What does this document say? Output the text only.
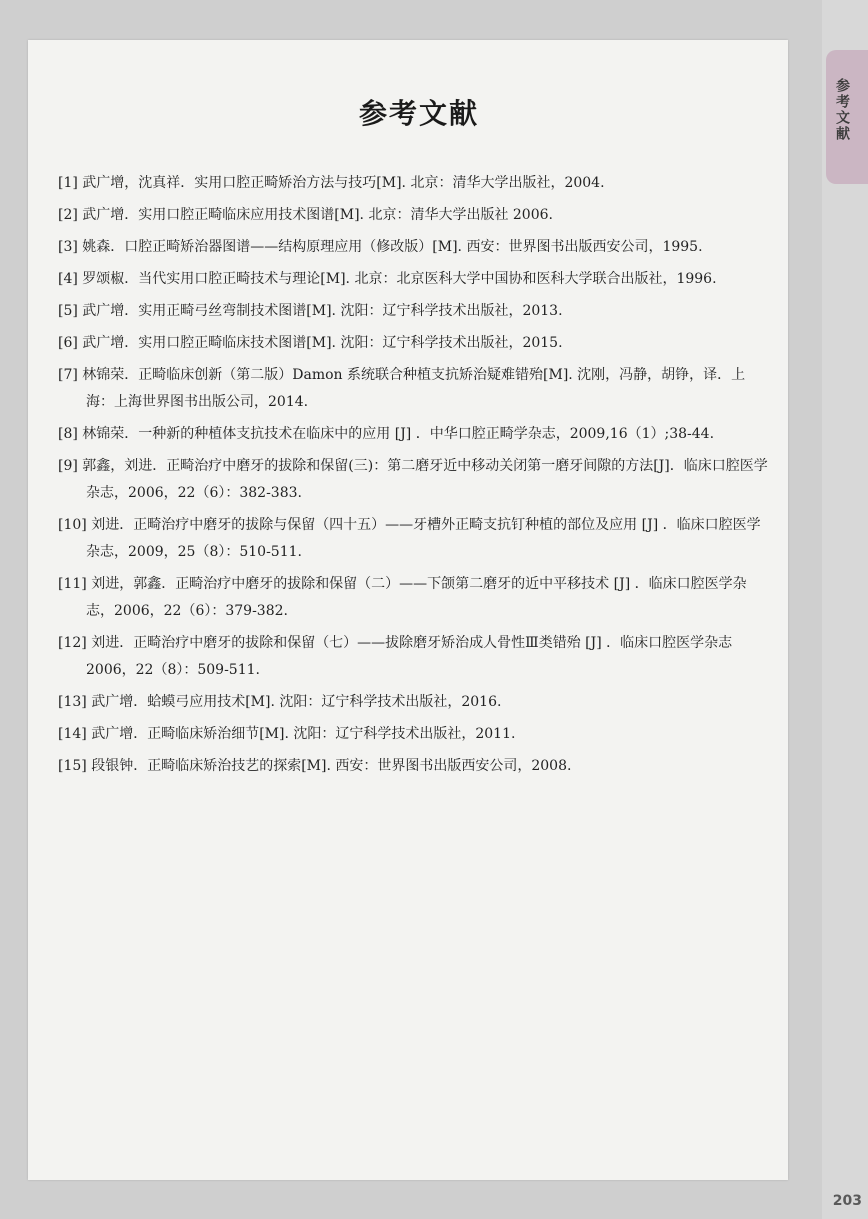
参考文献
参考文献
[1] 武广增，沈真祥．实用口腔正畸矫治方法与技巧[M]. 北京：清华大学出版社，2004.
[2] 武广增．实用口腔正畸临床应用技术图谱[M]. 北京：清华大学出版社 2006.
[3] 姚森．口腔正畸矫治器图谱——结构原理应用（修改版）[M]. 西安：世界图书出版西安公司，1995.
[4] 罗颂椒．当代实用口腔正畸技术与理论[M]. 北京：北京医科大学中国协和医科大学联合出版社，1996.
[5] 武广增．实用正畸弓丝弯制技术图谱[M]. 沈阳：辽宁科学技术出版社，2013.
[6] 武广增．实用口腔正畸临床技术图谱[M]. 沈阳：辽宁科学技术出版社，2015.
[7] 林锦荣．正畸临床创新（第二版）Damon 系统联合种植支抗矫治疑难错殆[M]. 沈刚，冯静，胡铮，译．上海：上海世界图书出版公司，2014.
[8] 林锦荣．一种新的种植体支抗技术在临床中的应用 [J] ．中华口腔正畸学杂志，2009,16（1）;38-44.
[9] 郭鑫，刘进．正畸治疗中磨牙的拔除和保留(三)：第二磨牙近中移动关闭第一磨牙间隙的方法[J]．临床口腔医学杂志，2006，22（6）：382-383.
[10] 刘进．正畸治疗中磨牙的拔除与保留（四十五）——牙槽外正畸支抗钉种植的部位及应用 [J] ．临床口腔医学杂志，2009，25（8）：510-511.
[11] 刘进，郭鑫．正畸治疗中磨牙的拔除和保留（二）——下颌第二磨牙的近中平移技术 [J] ．临床口腔医学杂志，2006，22（6）：379-382.
[12] 刘进．正畸治疗中磨牙的拔除和保留（七）——拔除磨牙矫治成人骨性Ⅲ类错殆 [J] ．临床口腔医学杂志 2006，22（8）：509-511.
[13] 武广增．蛤蟆弓应用技术[M]. 沈阳：辽宁科学技术出版社，2016.
[14] 武广增．正畸临床矫治细节[M]. 沈阳：辽宁科学技术出版社，2011.
[15] 段银钟．正畸临床矫治技艺的探索[M]. 西安：世界图书出版西安公司，2008.
203
